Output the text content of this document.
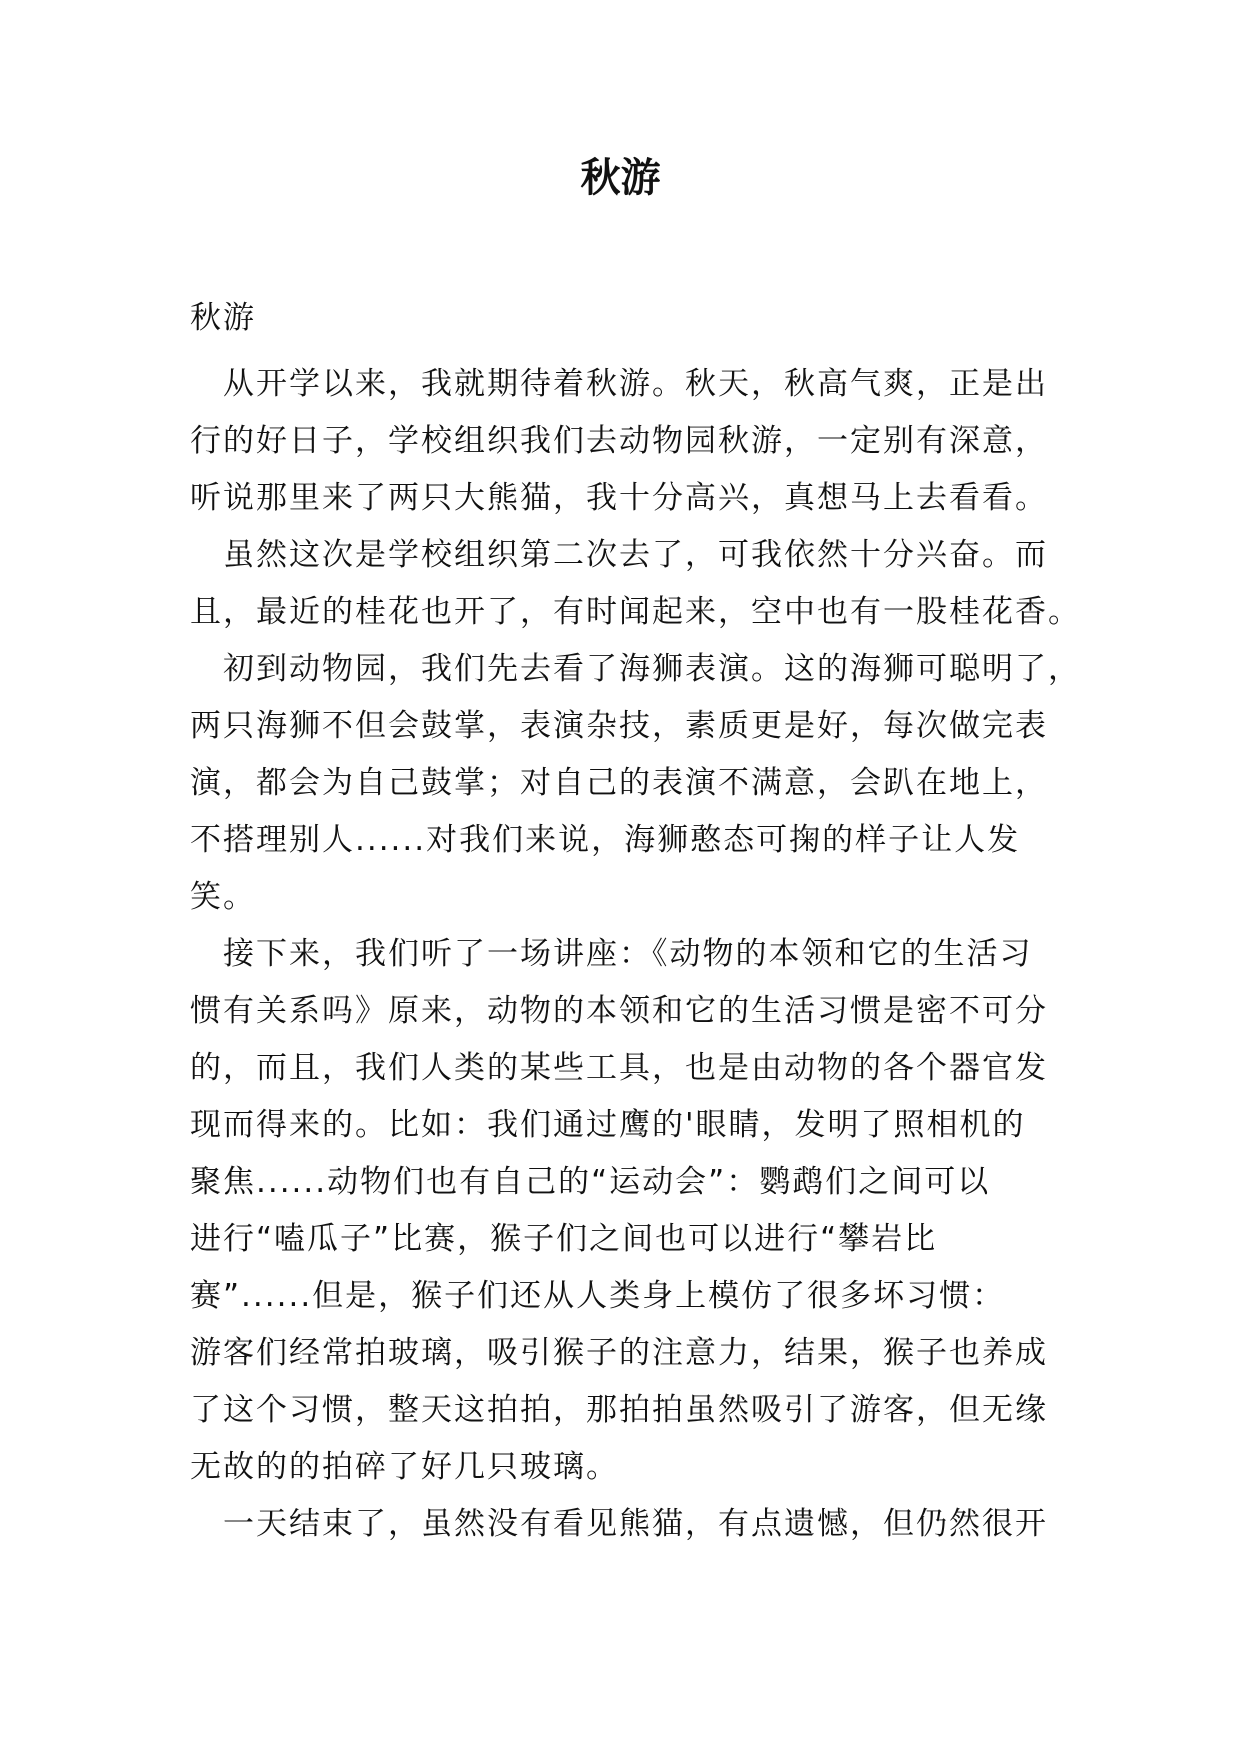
秋游
秋游
　从开学以来，我就期待着秋游。秋天，秋高气爽，正是出
行的好日子，学校组织我们去动物园秋游，一定别有深意，
听说那里来了两只大熊猫，我十分高兴，真想马上去看看。
　虽然这次是学校组织第二次去了，可我依然十分兴奋。而
且，最近的桂花也开了，有时闻起来，空中也有一股桂花香。
　初到动物园，我们先去看了海狮表演。这的海狮可聪明了，
两只海狮不但会鼓掌，表演杂技，素质更是好，每次做完表
演，都会为自己鼓掌；对自己的表演不满意，会趴在地上，
不搭理别人......对我们来说，海狮憨态可掬的样子让人发
笑。
　接下来，我们听了一场讲座：《动物的本领和它的生活习
惯有关系吗》原来，动物的本领和它的生活习惯是密不可分
的，而且，我们人类的某些工具，也是由动物的各个器官发
现而得来的。比如：我们通过鹰的'眼睛，发明了照相机的
聚焦......动物们也有自己的“运动会”：鹦鹉们之间可以
进行“嗑瓜子”比赛，猴子们之间也可以进行“攀岩比
赛”......但是，猴子们还从人类身上模仿了很多坏习惯：
游客们经常拍玻璃，吸引猴子的注意力，结果，猴子也养成
了这个习惯，整天这拍拍，那拍拍虽然吸引了游客，但无缘
无故的的拍碎了好几只玻璃。
　一天结束了，虽然没有看见熊猫，有点遗憾，但仍然很开
